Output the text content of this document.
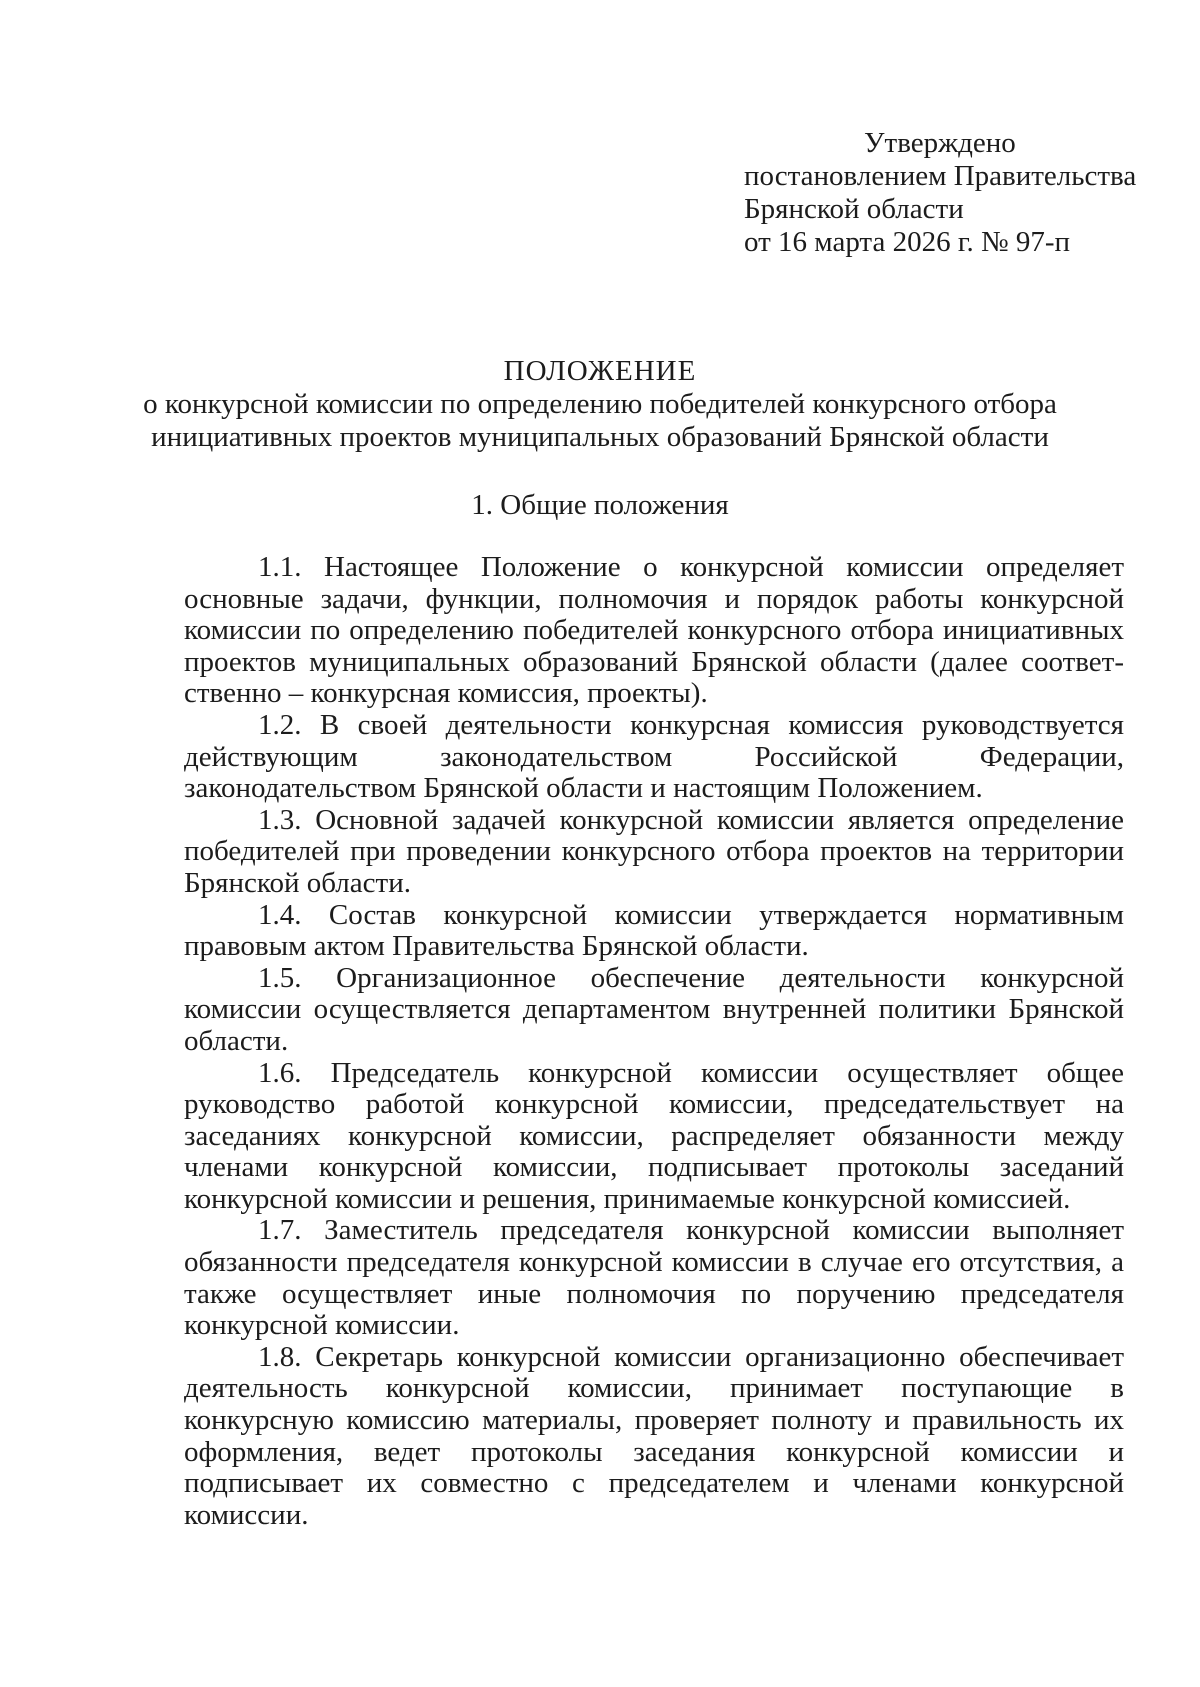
Утверждено
постановлением Правительства
Брянской области
от 16 марта 2026 г. № 97-п
ПОЛОЖЕНИЕ
о конкурсной комиссии по определению победителей конкурсного отбора
инициативных проектов муниципальных образований Брянской области
1. Общие положения

1.1. Настоящее Положение о конкурсной комиссии определяет основные задачи, функции, полномочия и порядок работы конкурсной комиссии по определению победителей конкурсного отбора инициативных проектов муниципальных образований Брянской области (далее соответственно – конкурсная комиссия, проекты).

1.2. В своей деятельности конкурсная комиссия руководствуется действующим законодательством Российской Федерации, законодательством Брянской области и настоящим Положением.

1.3. Основной задачей конкурсной комиссии является определение победителей при проведении конкурсного отбора проектов на территории Брянской области.

1.4. Состав конкурсной комиссии утверждается нормативным правовым актом Правительства Брянской области.

1.5. Организационное обеспечение деятельности конкурсной комиссии осуществляется департаментом внутренней политики Брянской области.

1.6. Председатель конкурсной комиссии осуществляет общее руководство работой конкурсной комиссии, председательствует на заседаниях конкурсной комиссии, распределяет обязанности между членами конкурсной комиссии, подписывает протоколы заседаний конкурсной комиссии и решения, принимаемые конкурсной комиссией.

1.7. Заместитель председателя конкурсной комиссии выполняет обязанности председателя конкурсной комиссии в случае его отсутствия, а также осуществляет иные полномочия по поручению председателя конкурсной комиссии.

1.8. Секретарь конкурсной комиссии организационно обеспечивает деятельность конкурсной комиссии, принимает поступающие в конкурсную комиссию материалы, проверяет полноту и правильность их оформления, ведет протоколы заседания конкурсной комиссии и подписывает их совместно с председателем и членами конкурсной комиссии.
